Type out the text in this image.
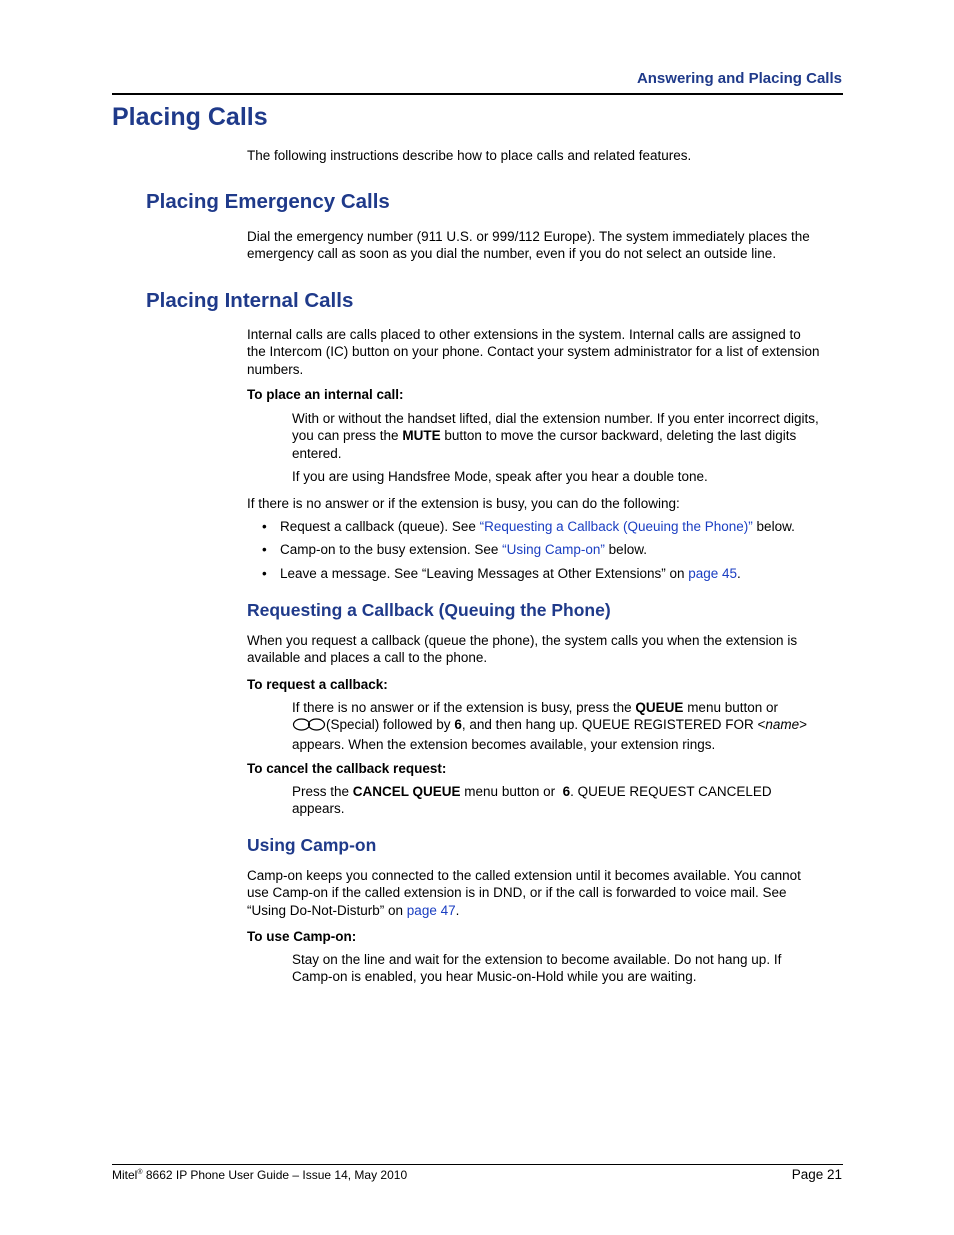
Answering and Placing Calls
Placing Calls

The following instructions describe how to place calls and related features.

Placing Emergency Calls
Dial the emergency number (911 U.S. or 999/112 Europe). The system immediately places the
emergency call as soon as you dial the number, even if you do not select an outside line.
Placing Internal Calls
Internal calls are calls placed to other extensions in the system. Internal calls are assigned to
the Intercom (IC) button on your phone. Contact your system administrator for a list of extension
numbers.

To place an internal call:

With or without the handset lifted, dial the extension number. If you enter incorrect digits,
you can press the MUTE button to move the cursor backward, deleting the last digits
entered.

If you are using Handsfree Mode, speak after you hear a double tone.

If there is no answer or if the extension is busy, you can do the following:

• Request a callback (queue). See “Requesting a Callback (Queuing the Phone)” below.
• Camp-on to the busy extension. See “Using Camp-on” below.
• Leave a message. See “Leaving Messages at Other Extensions” on page 45.
Requesting a Callback (Queuing the Phone)
When you request a callback (queue the phone), the system calls you when the extension is
available and places a call to the phone.

To request a callback:

If there is no answer or if the extension is busy, press the QUEUE menu button or
(Special) followed by 6, and then hang up. QUEUE REGISTERED FOR <name>
appears. When the extension becomes available, your extension rings.

To cancel the callback request:

Press the CANCEL QUEUE menu button or  6. QUEUE REQUEST CANCELED
appears.
Using Camp-on
Camp-on keeps you connected to the called extension until it becomes available. You cannot
use Camp-on if the called extension is in DND, or if the call is forwarded to voice mail. See
“Using Do-Not-Disturb” on page 47.

To use Camp-on:

Stay on the line and wait for the extension to become available. Do not hang up. If
Camp-on is enabled, you hear Music-on-Hold while you are waiting.
Mitel® 8662 IP Phone User Guide – Issue 14, May 2010	Page 21
